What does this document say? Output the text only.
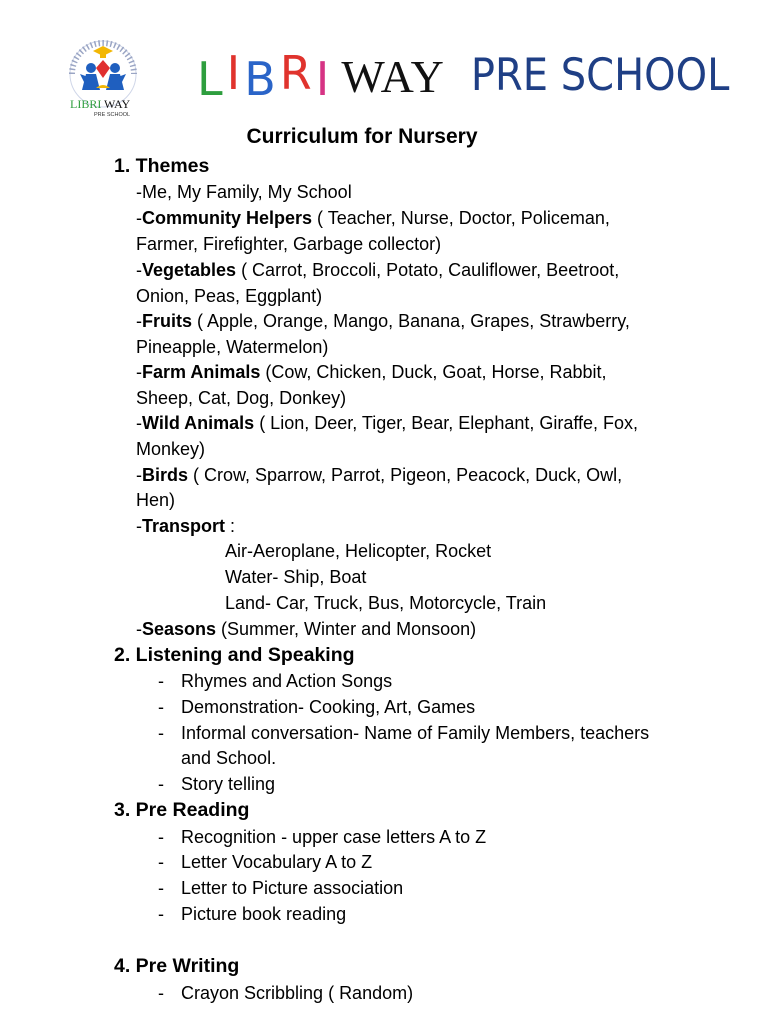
LIBRI WAY
PRE SCHOOL
LIBRI WAY PRE SCHOOL
Curriculum for Nursery
1. Themes
-Me, My Family, My School
-Community Helpers ( Teacher, Nurse, Doctor, Policeman,
Farmer, Firefighter, Garbage collector)
-Vegetables ( Carrot, Broccoli, Potato, Cauliflower, Beetroot,
Onion, Peas, Eggplant)
-Fruits ( Apple, Orange, Mango, Banana, Grapes, Strawberry,
Pineapple, Watermelon)
-Farm Animals (Cow, Chicken, Duck, Goat, Horse, Rabbit,
Sheep, Cat, Dog, Donkey)
-Wild Animals ( Lion, Deer, Tiger, Bear, Elephant, Giraffe, Fox,
Monkey)
-Birds ( Crow, Sparrow, Parrot, Pigeon, Peacock, Duck, Owl,
Hen)
-Transport :
Air-Aeroplane, Helicopter, Rocket
Water- Ship, Boat
Land- Car, Truck, Bus, Motorcycle, Train
-Seasons (Summer, Winter and Monsoon)
2. Listening and Speaking
- Rhymes and Action Songs
- Demonstration- Cooking, Art, Games
- Informal conversation- Name of Family Members, teachers
and School.
- Story telling
3. Pre Reading
- Recognition - upper case letters A to Z
- Letter Vocabulary A to Z
- Letter to Picture association
- Picture book reading
4. Pre Writing
- Crayon Scribbling ( Random)
